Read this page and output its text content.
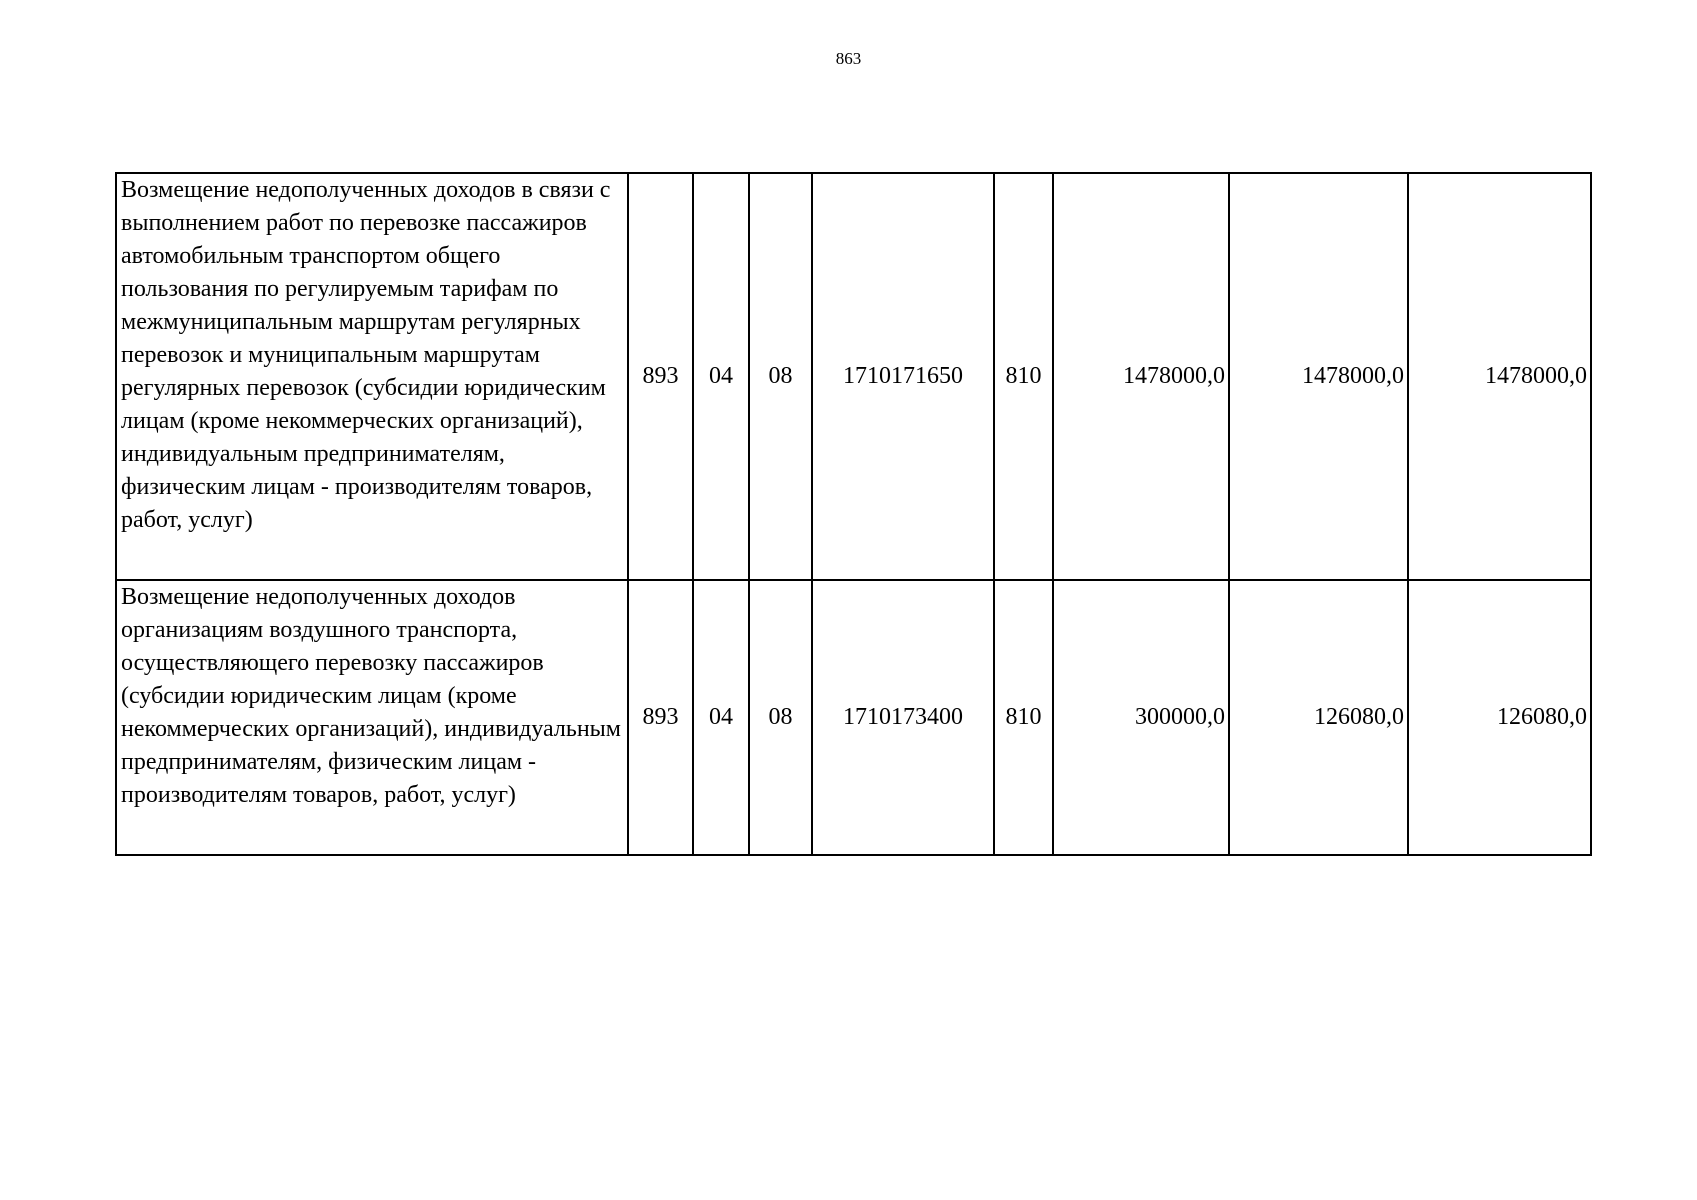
863
Возмещение недополученных доходов в связи с выполнением работ по перевозке пассажиров автомобильным транспортом общего пользования по регулируемым тарифам по межмуниципальным маршрутам регулярных перевозок и муниципальным маршрутам регулярных перевозок (субсидии юридическим лицам (кроме некоммерческих организаций), индивидуальным предпринимателям, физическим лицам - производителям товаров, работ, услуг)	893	04	08	1710171650	810	1478000,0	1478000,0	1478000,0
Возмещение недополученных доходов организациям воздушного транспорта, осуществляющего перевозку пассажиров (субсидии юридическим лицам (кроме некоммерческих организаций), индивидуальным предпринимателям, физическим лицам - производителям товаров, работ, услуг)	893	04	08	1710173400	810	300000,0	126080,0	126080,0
